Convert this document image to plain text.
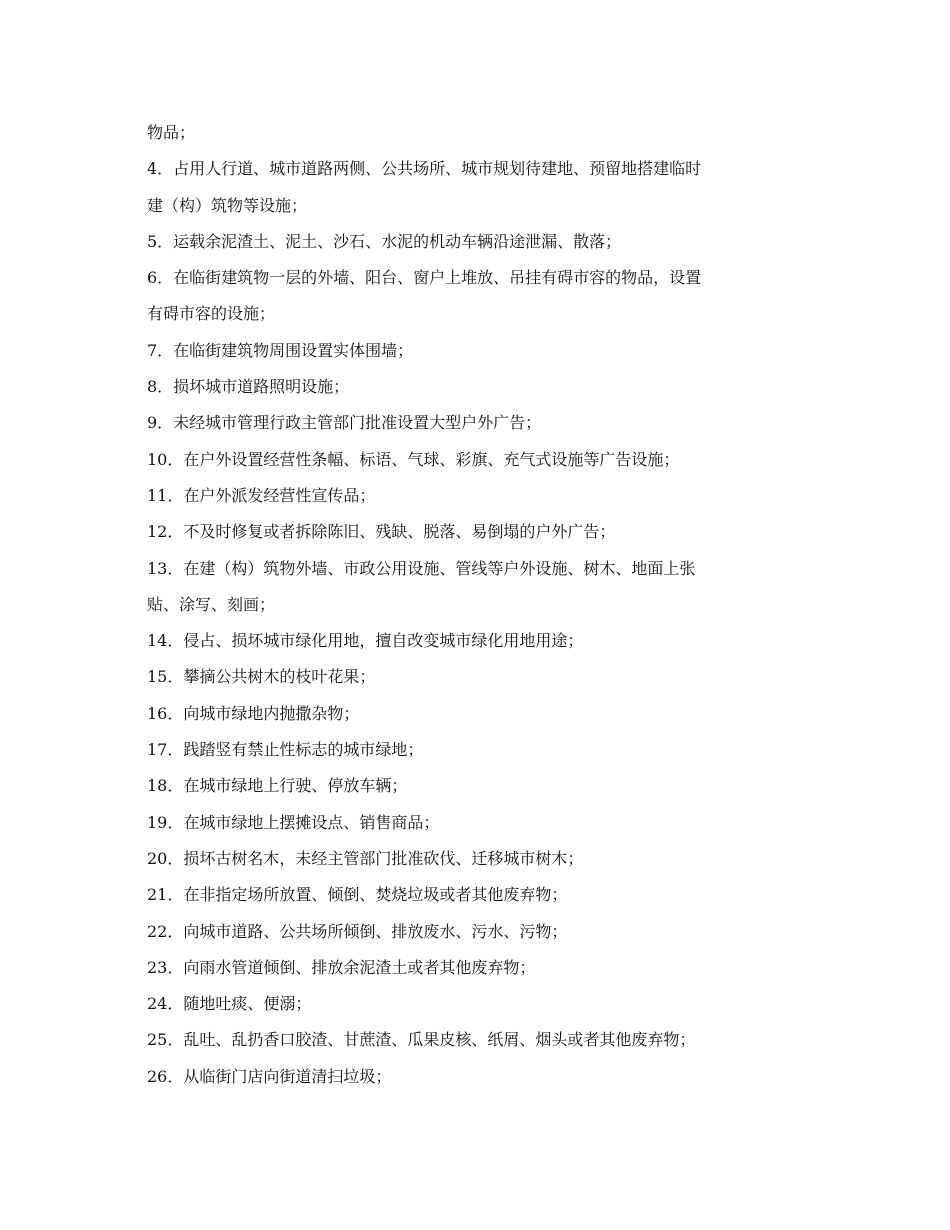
物品；
4．占用人行道、城市道路两侧、公共场所、城市规划待建地、预留地搭建临时
建（构）筑物等设施；
5．运载余泥渣土、泥土、沙石、水泥的机动车辆沿途泄漏、散落；
6．在临街建筑物一层的外墙、阳台、窗户上堆放、吊挂有碍市容的物品，设置
有碍市容的设施；
7．在临街建筑物周围设置实体围墙；
8．损坏城市道路照明设施；
9．未经城市管理行政主管部门批准设置大型户外广告；
10．在户外设置经营性条幅、标语、气球、彩旗、充气式设施等广告设施；
11．在户外派发经营性宣传品；
12．不及时修复或者拆除陈旧、残缺、脱落、易倒塌的户外广告；
13．在建（构）筑物外墙、市政公用设施、管线等户外设施、树木、地面上张
贴、涂写、刻画；
14．侵占、损坏城市绿化用地，擅自改变城市绿化用地用途；
15．攀摘公共树木的枝叶花果；
16．向城市绿地内抛撒杂物；
17．践踏竖有禁止性标志的城市绿地；
18．在城市绿地上行驶、停放车辆；
19．在城市绿地上摆摊设点、销售商品；
20．损坏古树名木，未经主管部门批准砍伐、迁移城市树木；
21．在非指定场所放置、倾倒、焚烧垃圾或者其他废弃物；
22．向城市道路、公共场所倾倒、排放废水、污水、污物；
23．向雨水管道倾倒、排放余泥渣土或者其他废弃物；
24．随地吐痰、便溺；
25．乱吐、乱扔香口胶渣、甘蔗渣、瓜果皮核、纸屑、烟头或者其他废弃物；
26．从临街门店向街道清扫垃圾；
